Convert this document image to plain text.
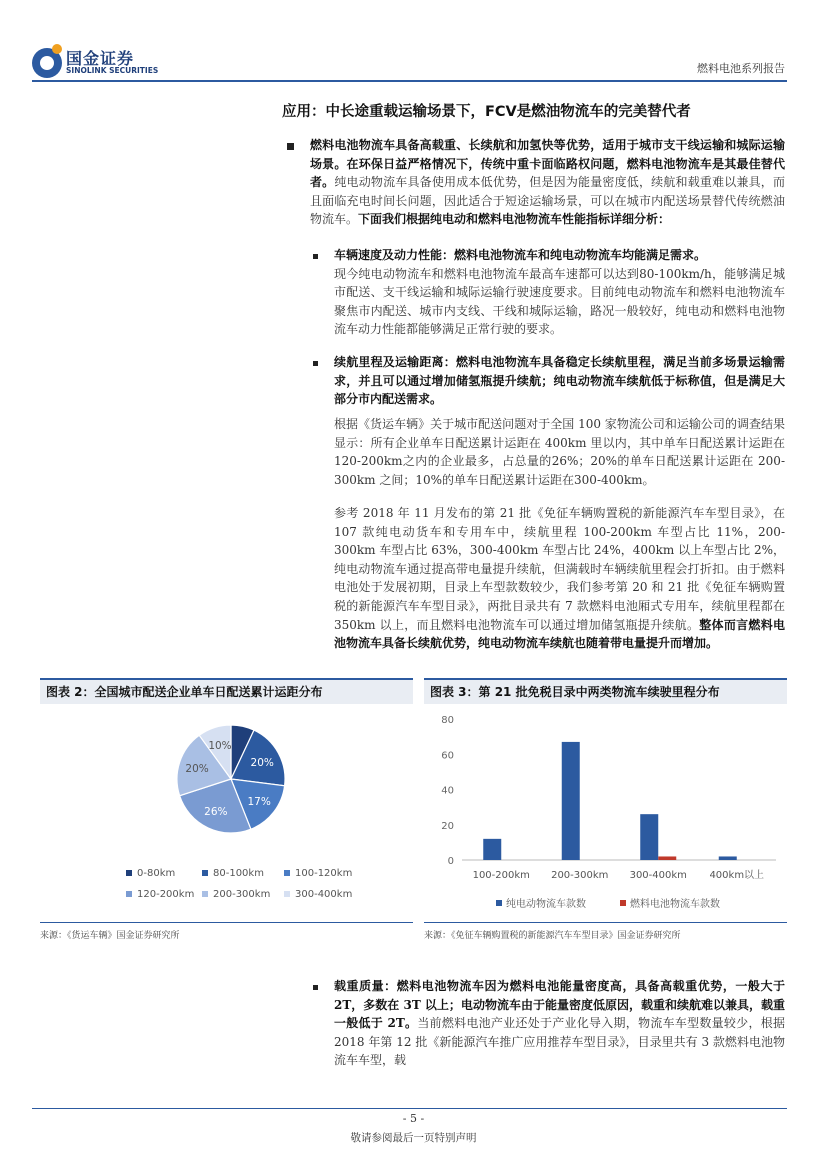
国金证券
SINOLINK SECURITIES	燃料电池系列报告
应用：中长途重载运输场景下，FCV是燃油物流车的完美替代者
燃料电池物流车具备高载重、长续航和加氢快等优势，适用于城市支干线运输和城际运输场景。在环保日益严格情况下，传统中重卡面临路权问题，燃料电池物流车是其最佳替代者。纯电动物流车具备使用成本低优势，但是因为能量密度低，续航和载重难以兼具，而且面临充电时间长问题，因此适合于短途运输场景，可以在城市内配送场景替代传统燃油物流车。下面我们根据纯电动和燃料电池物流车性能指标详细分析：
车辆速度及动力性能：燃料电池物流车和纯电动物流车均能满足需求。
现今纯电动物流车和燃料电池物流车最高车速都可以达到80-100km/h，能够满足城市配送、支干线运输和城际运输行驶速度要求。目前纯电动物流车和燃料电池物流车聚焦市内配送、城市内支线、干线和城际运输，路况一般较好，纯电动和燃料电池物流车动力性能都能够满足正常行驶的要求。
续航里程及运输距离：燃料电池物流车具备稳定长续航里程，满足当前多场景运输需求，并且可以通过增加储氢瓶提升续航；纯电动物流车续航低于标称值，但是满足大部分市内配送需求。
根据《货运车辆》关于城市配送问题对于全国 100 家物流公司和运输公司的调查结果显示：所有企业单车日配送累计运距在 400km 里以内，其中单车日配送累计运距在120-200km之内的企业最多，占总量的26%；20%的单车日配送累计运距在 200-300km 之间；10%的单车日配送累计运距在300-400km。
参考 2018 年 11 月发布的第 21 批《免征车辆购置税的新能源汽车车型目录》，在 107 款纯电动货车和专用车中，续航里程 100-200km 车型占比 11%，200-300km 车型占比 63%，300-400km 车型占比 24%，400km 以上车型占比 2%，纯电动物流车通过提高带电量提升续航，但满载时车辆续航里程会打折扣。由于燃料电池处于发展初期，目录上车型款数较少，我们参考第 20 和 21 批《免征车辆购置税的新能源汽车车型目录》，两批目录共有 7 款燃料电池厢式专用车，续航里程都在 350km 以上，而且燃料电池物流车可以通过增加储氢瓶提升续航。整体而言燃料电池物流车具备长续航优势，纯电动物流车续航也随着带电量提升而增加。
图表 2：全国城市配送企业单车日配送累计运距分布
20%
17%
26%
20%
10%
0-80km	80-100km	100-120km
120-200km 200-300km 300-400km
来源：《货运车辆》国金证券研究所
图表 3：第 21 批免税目录中两类物流车续驶里程分布
0
20
40
60
80
100-200km 200-300km 300-400km 400km以上
纯电动物流车款数	燃料电池物流车款数
来源：《免征车辆购置税的新能源汽车车型目录》国金证券研究所
载重质量：燃料电池物流车因为燃料电池能量密度高，具备高载重优势，一般大于 2T，多数在 3T 以上；电动物流车由于能量密度低原因，载重和续航难以兼具，载重一般低于 2T。当前燃料电池产业还处于产业化导入期，物流车车型数量较少，根据 2018 年第 12 批《新能源汽车推广应用推荐车型目录》，目录里共有 3 款燃料电池物流车车型，载
- 5 -
敬请参阅最后一页特别声明
